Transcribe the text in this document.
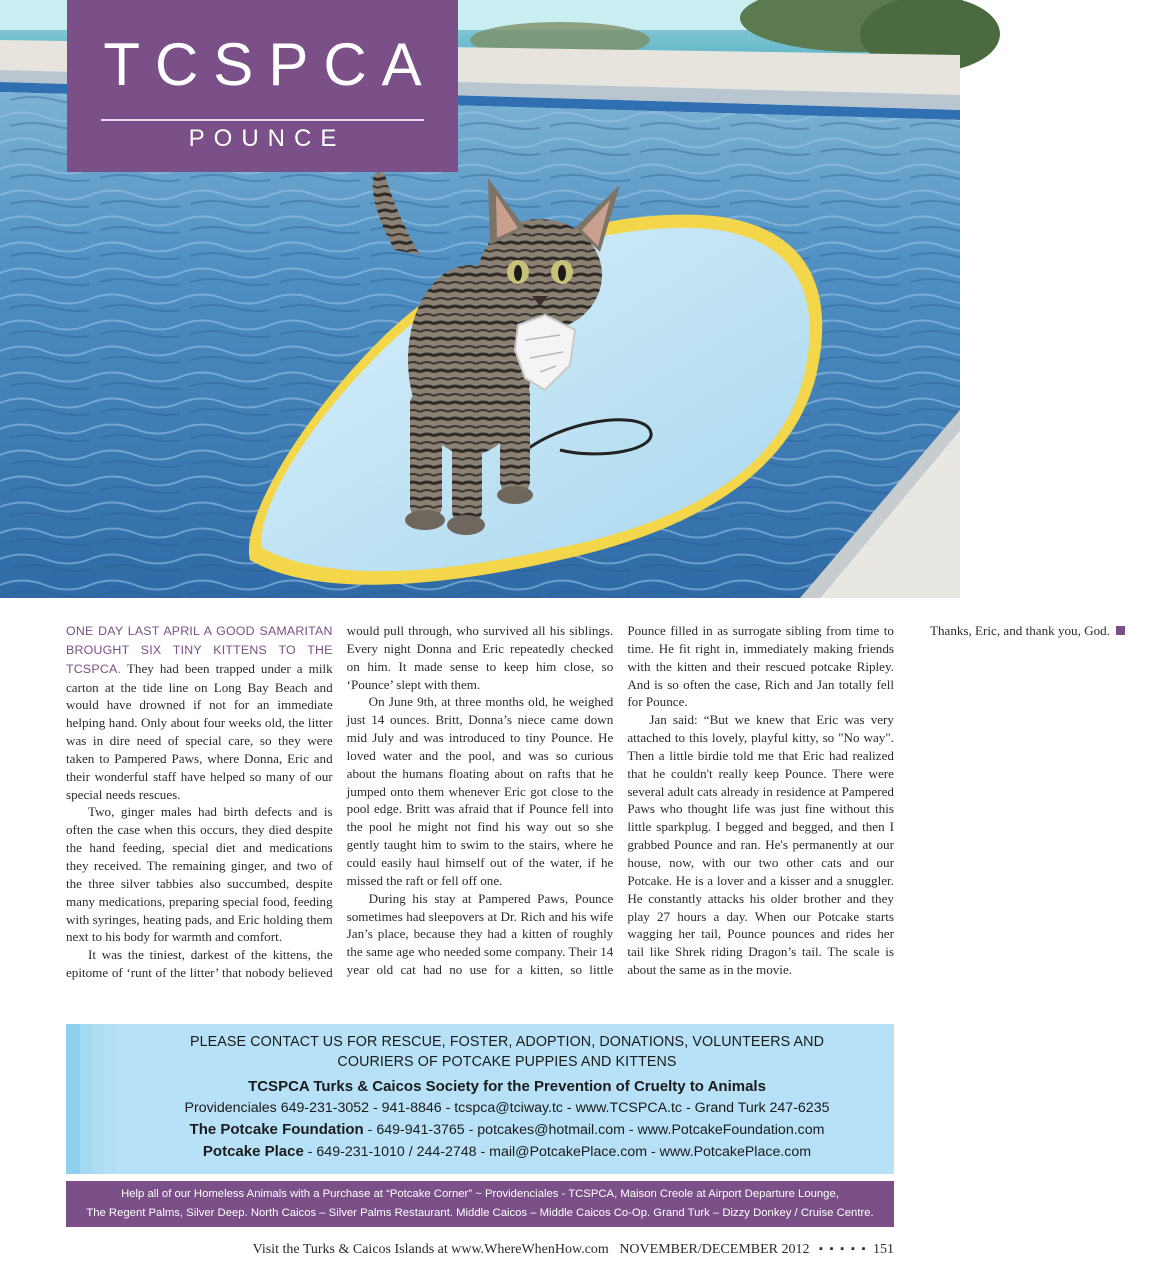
TCSPCA
POUNCE

ONE DAY LAST APRIL A GOOD SAMARITAN BROUGHT SIX TINY KITTENS TO THE TCSPCA. They had been trapped under a milk carton at the tide line on Long Bay Beach and would have drowned if not for an immediate helping hand. Only about four weeks old, the litter was in dire need of special care, so they were taken to Pampered Paws, where Donna, Eric and their wonderful staff have helped so many of our special needs rescues.

Two, ginger males had birth defects and is often the case when this occurs, they died despite the hand feeding, special diet and medications they received. The remaining ginger, and two of the three silver tabbies also succumbed, despite many medications, preparing special food, feeding with syringes, heating pads, and Eric holding them next to his body for warmth and comfort.

It was the tiniest, darkest of the kittens, the epitome of ‘runt of the litter’ that nobody believed would pull through, who survived all his siblings. Every night Donna and Eric repeatedly checked on him. It made sense to keep him close, so ‘Pounce’ slept with them.

On June 9th, at three months old, he weighed just 14 ounces. Britt, Donna’s niece came down mid July and was introduced to tiny Pounce. He loved water and the pool, and was so curious about the humans floating about on rafts that he jumped onto them whenever Eric got close to the pool edge. Britt was afraid that if Pounce fell into the pool he might not find his way out so she gently taught him to swim to the stairs, where he could easily haul himself out of the water, if he missed the raft or fell off one.

During his stay at Pampered Paws, Pounce sometimes had sleepovers at Dr. Rich and his wife Jan’s place, because they had a kitten of roughly the same age who needed some company. Their 14 year old cat had no use for a kitten, so little Pounce filled in as surrogate sibling from time to time. He fit right in, immediately making friends with the kitten and their rescued potcake Ripley. And is so often the case, Rich and Jan totally fell for Pounce.

Jan said: “But we knew that Eric was very attached to this lovely, playful kitty, so "No way". Then a little birdie told me that Eric had realized that he couldn't really keep Pounce. There were several adult cats already in residence at Pampered Paws who thought life was just fine without this little sparkplug. I begged and begged, and then I grabbed Pounce and ran. He's permanently at our house, now, with our two other cats and our Potcake. He is a lover and a kisser and a snuggler. He constantly attacks his older brother and they play 27 hours a day. When our Potcake starts wagging her tail, Pounce pounces and rides her tail like Shrek riding Dragon’s tail. The scale is about the same as in the movie.

Thanks, Eric, and thank you, God.

PLEASE CONTACT US FOR RESCUE, FOSTER, ADOPTION, DONATIONS, VOLUNTEERS AND
COURIERS OF POTCAKE PUPPIES AND KITTENS
TCSPCA Turks & Caicos Society for the Prevention of Cruelty to Animals
Providenciales 649-231-3052 - 941-8846 - tcspca@tciway.tc - www.TCSPCA.tc - Grand Turk 247-6235
The Potcake Foundation - 649-941-3765 - potcakes@hotmail.com - www.PotcakeFoundation.com
Potcake Place - 649-231-1010 / 244-2748 - mail@PotcakePlace.com - www.PotcakePlace.com
Help all of our Homeless Animals with a Purchase at “Potcake Corner” ~ Providenciales - TCSPCA, Maison Creole at Airport Departure Lounge,
The Regent Palms, Silver Deep. North Caicos – Silver Palms Restaurant. Middle Caicos – Middle Caicos Co-Op. Grand Turk – Dizzy Donkey / Cruise Centre.
Visit the Turks & Caicos Islands at www.WhereWhenHow.com NOVEMBER/DECEMBER 2012 ▪ ▪ ▪ ▪ ▪ 151
